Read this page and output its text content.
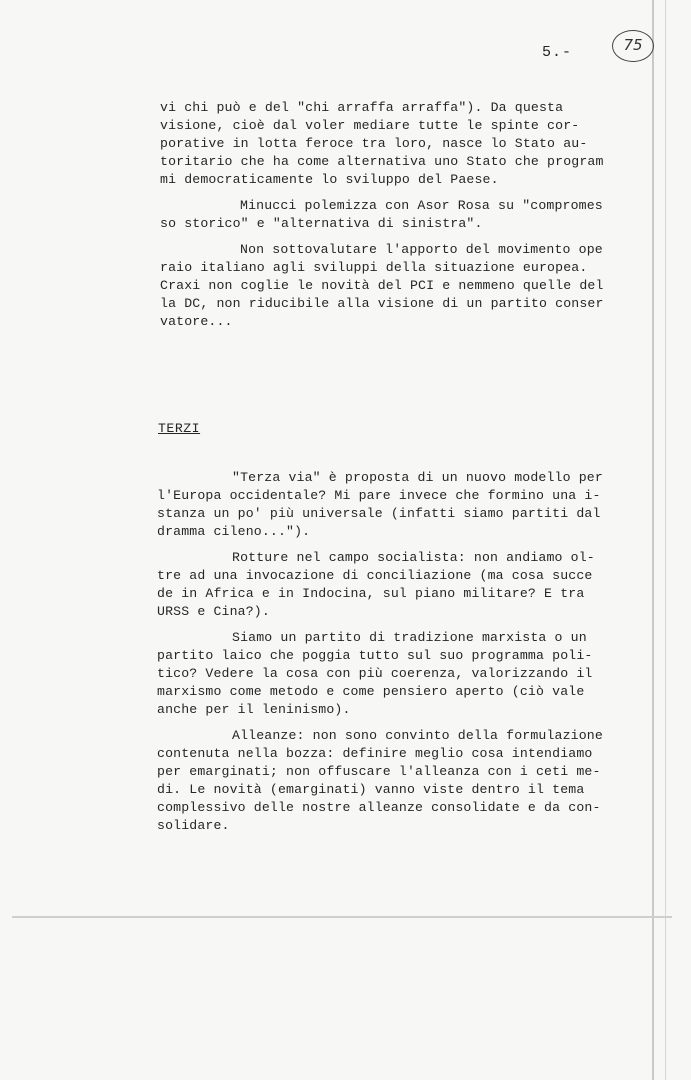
5.-	75
vi chi può e del "chi arraffa arraffa"). Da questa
visione, cioè dal voler mediare tutte le spinte cor-
porative in lotta feroce tra loro, nasce lo Stato au-
toritario che ha come alternativa uno Stato che program
mi democraticamente lo sviluppo del Paese.
Minucci polemizza con Asor Rosa su "compromes
so storico" e "alternativa di sinistra".
Non sottovalutare l'apporto del movimento ope
raio italiano agli sviluppi della situazione europea.
Craxi non coglie le novità del PCI e nemmeno quelle del
la DC, non riducibile alla visione di un partito conser
vatore...
TERZI
"Terza via" è proposta di un nuovo modello per
l'Europa occidentale? Mi pare invece che formino una i-
stanza un po' più universale (infatti siamo partiti dal
dramma cileno...").
Rotture nel campo socialista: non andiamo ol-
tre ad una invocazione di conciliazione (ma cosa succe
de in Africa e in Indocina, sul piano militare? E tra
URSS e Cina?).
Siamo un partito di tradizione marxista o un
partito laico che poggia tutto sul suo programma poli-
tico? Vedere la cosa con più coerenza, valorizzando il
marxismo come metodo e come pensiero aperto (ciò vale
anche per il leninismo).
Alleanze: non sono convinto della formulazione
contenuta nella bozza: definire meglio cosa intendiamo
per emarginati; non offuscare l'alleanza con i ceti me-
di. Le novità (emarginati) vanno viste dentro il tema
complessivo delle nostre alleanze consolidate e da con-
solidare.
